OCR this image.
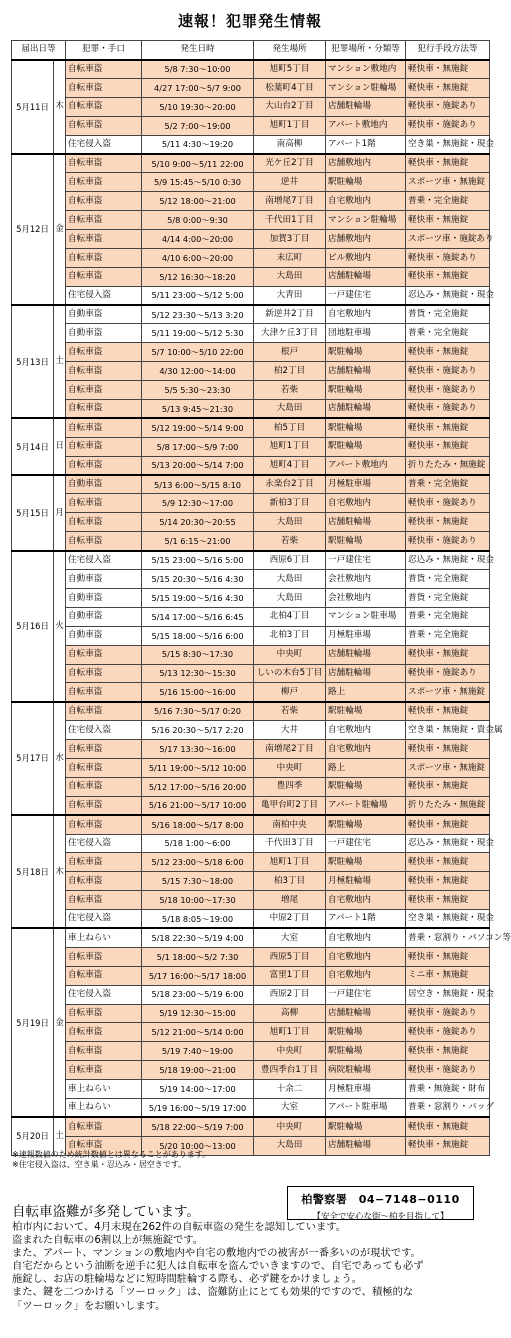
速報！犯罪発生情報
届出日等		犯罪・手口	発生日時	発生場所	犯罪場所・分類等	犯行手段方法等
5月11日	木	自転車盗	5/8 7:30〜10:00	旭町5丁目	マンション敷地内	軽快車・無施錠
		自転車盗	4/27 17:00〜5/7 9:00	松葉町4丁目	マンション駐輪場	軽快車・無施錠
		自転車盗	5/10 19:30〜20:00	大山台2丁目	店舗駐輪場	軽快車・施錠あり
		自転車盗	5/2 7:00〜19:00	旭町1丁目	アパート敷地内	軽快車・施錠あり
		住宅侵入盗	5/11 4:30〜19:20	南高柳	アパート1階	空き巣・無施錠・現金
5月12日	金	自転車盗	5/10 9:00〜5/11 22:00	光ケ丘2丁目	店舗敷地内	軽快車・無施錠
		自転車盗	5/9 15:45〜5/10 0:30	逆井	駅駐輪場	スポーツ車・無施錠
		自転車盗	5/12 18:00〜21:00	南増尾7丁目	自宅敷地内	普乗・完全施錠
		自転車盗	5/8 0:00〜9:30	千代田1丁目	マンション駐輪場	軽快車・無施錠
		自転車盗	4/14 4:00〜20:00	加賀3丁目	店舗敷地内	スポーツ車・施錠あり
		自転車盗	4/10 6:00〜20:00	末広町	ビル敷地内	軽快車・施錠あり
		自転車盗	5/12 16:30〜18:20	大島田	店舗駐輪場	軽快車・無施錠
		住宅侵入盗	5/11 23:00〜5/12 5:00	大青田	一戸建住宅	忍込み・無施錠・現金
5月13日	土	自動車盗	5/12 23:30〜5/13 3:20	新逆井2丁目	自宅敷地内	普貨・完全施錠
		自動車盗	5/11 19:00〜5/12 5:30	大津ケ丘3丁目	団地駐車場	普乗・完全施錠
		自転車盗	5/7 10:00〜5/10 22:00	根戸	駅駐輪場	軽快車・無施錠
		自転車盗	4/30 12:00〜14:00	柏2丁目	店舗駐輪場	軽快車・施錠あり
		自転車盗	5/5 5:30〜23:30	若柴	駅駐輪場	軽快車・施錠あり
		自転車盗	5/13 9:45〜21:30	大島田	店舗駐輪場	軽快車・施錠あり
5月14日	日	自転車盗	5/12 19:00〜5/14 9:00	柏5丁目	駅駐輪場	軽快車・無施錠
		自転車盗	5/8 17:00〜5/9 7:00	旭町1丁目	駅駐輪場	軽快車・無施錠
		自転車盗	5/13 20:00〜5/14 7:00	旭町4丁目	アパート敷地内	折りたたみ・無施錠
5月15日	月	自動車盗	5/13 6:00〜5/15 8:10	永楽台2丁目	月極駐車場	普乗・完全施錠
		自転車盗	5/9 12:30〜17:00	新柏3丁目	自宅敷地内	軽快車・施錠あり
		自転車盗	5/14 20:30〜20:55	大島田	店舗駐輪場	軽快車・無施錠
		自転車盗	5/1 6:15〜21:00	若柴	駅駐輪場	軽快車・施錠あり
5月16日	火	住宅侵入盗	5/15 23:00〜5/16 5:00	西原6丁目	一戸建住宅	忍込み・無施錠・現金
		自動車盗	5/15 20:30〜5/16 4:30	大島田	会社敷地内	普貨・完全施錠
		自動車盗	5/15 19:00〜5/16 4:30	大島田	会社敷地内	普貨・完全施錠
		自動車盗	5/14 17:00〜5/16 6:45	北柏4丁目	マンション駐車場	普乗・完全施錠
		自動車盗	5/15 18:00〜5/16 6:00	北柏3丁目	月極駐車場	普乗・完全施錠
		自転車盗	5/15 8:30〜17:30	中央町	店舗駐輪場	軽快車・無施錠
		自転車盗	5/13 12:30〜15:30	しいの木台5丁目	店舗駐輪場	軽快車・施錠あり
		自転車盗	5/16 15:00〜16:00	柳戸	路上	スポーツ車・無施錠
5月17日	水	自転車盗	5/16 7:30〜5/17 0:20	若柴	駅駐輪場	軽快車・無施錠
		住宅侵入盗	5/16 20:30〜5/17 2:20	大井	自宅敷地内	空き巣・無施錠・貴金属
		自転車盗	5/17 13:30〜16:00	南増尾2丁目	自宅敷地内	軽快車・無施錠
		自転車盗	5/11 19:00〜5/12 10:00	中央町	路上	スポーツ車・無施錠
		自転車盗	5/12 17:00〜5/16 20:00	豊四季	駅駐輪場	軽快車・無施錠
		自転車盗	5/16 21:00〜5/17 10:00	亀甲台町2丁目	アパート駐輪場	折りたたみ・無施錠
5月18日	木	自転車盗	5/16 18:00〜5/17 8:00	南柏中央	駅駐輪場	軽快車・無施錠
		住宅侵入盗	5/18 1:00〜6:00	千代田3丁目	一戸建住宅	忍込み・無施錠・現金
		自転車盗	5/12 23:00〜5/18 6:00	旭町1丁目	駅駐輪場	軽快車・無施錠
		自転車盗	5/15 7:30〜18:00	柏3丁目	月極駐輪場	軽快車・無施錠
		自転車盗	5/18 10:00〜17:30	増尾	自宅敷地内	軽快車・無施錠
		住宅侵入盗	5/18 8:05〜19:00	中原2丁目	アパート1階	空き巣・無施錠・現金
5月19日	金	車上ねらい	5/18 22:30〜5/19 4:00	大室	自宅敷地内	普乗・窓割り・パソコン等
		自転車盗	5/1 18:00〜5/2 7:30	西原5丁目	自宅敷地内	軽快車・無施錠
		自転車盗	5/17 16:00〜5/17 18:00	富里1丁目	自宅敷地内	ミニ車・無施錠
		住宅侵入盗	5/18 23:00〜5/19 6:00	西原2丁目	一戸建住宅	居空き・無施錠・現金
		自転車盗	5/19 12:30〜15:00	高柳	店舗駐輪場	軽快車・施錠あり
		自転車盗	5/12 21:00〜5/14 0:00	旭町1丁目	駅駐輪場	軽快車・施錠あり
		自転車盗	5/19 7:40〜19:00	中央町	駅駐輪場	軽快車・無施錠
		自転車盗	5/18 19:00〜21:00	豊四季台1丁目	病院駐輪場	軽快車・施錠あり
		車上ねらい	5/19 14:00〜17:00	十余二	月極駐車場	普乗・無施錠・財布
		車上ねらい	5/19 16:00〜5/19 17:00	大室	アパート駐車場	普乗・窓割り・バッグ
5月20日	土	自転車盗	5/18 22:00〜5/19 7:00	中央町	駅駐輪場	軽快車・無施錠
		自転車盗	5/20 10:00〜13:00	大島田	店舗駐輪場	軽快車・無施錠
※速報数値のため統計数値とは異なることがあります。
※住宅侵入盗は、空き巣・忍込み・居空きです。
柏警察署　04−7148−0110
【安全で安心な街〜柏を目指して】
自転車盗難が多発しています。
柏市内において、4月末現在262件の自転車盗の発生を認知しています。
盗まれた自転車の6割以上が無施錠です。
また、アパート、マンションの敷地内や自宅の敷地内での被害が一番多いのが現状です。
自宅だからという油断を逆手に犯人は自転車を盗んでいきますので、自宅であっても必ず
施錠し、お店の駐輪場などに短時間駐輪する際も、必ず鍵をかけましょう。
また、鍵を二つかける「ツーロック」は、盗難防止にとても効果的ですので、積極的な
「ツーロック」をお願いします。
